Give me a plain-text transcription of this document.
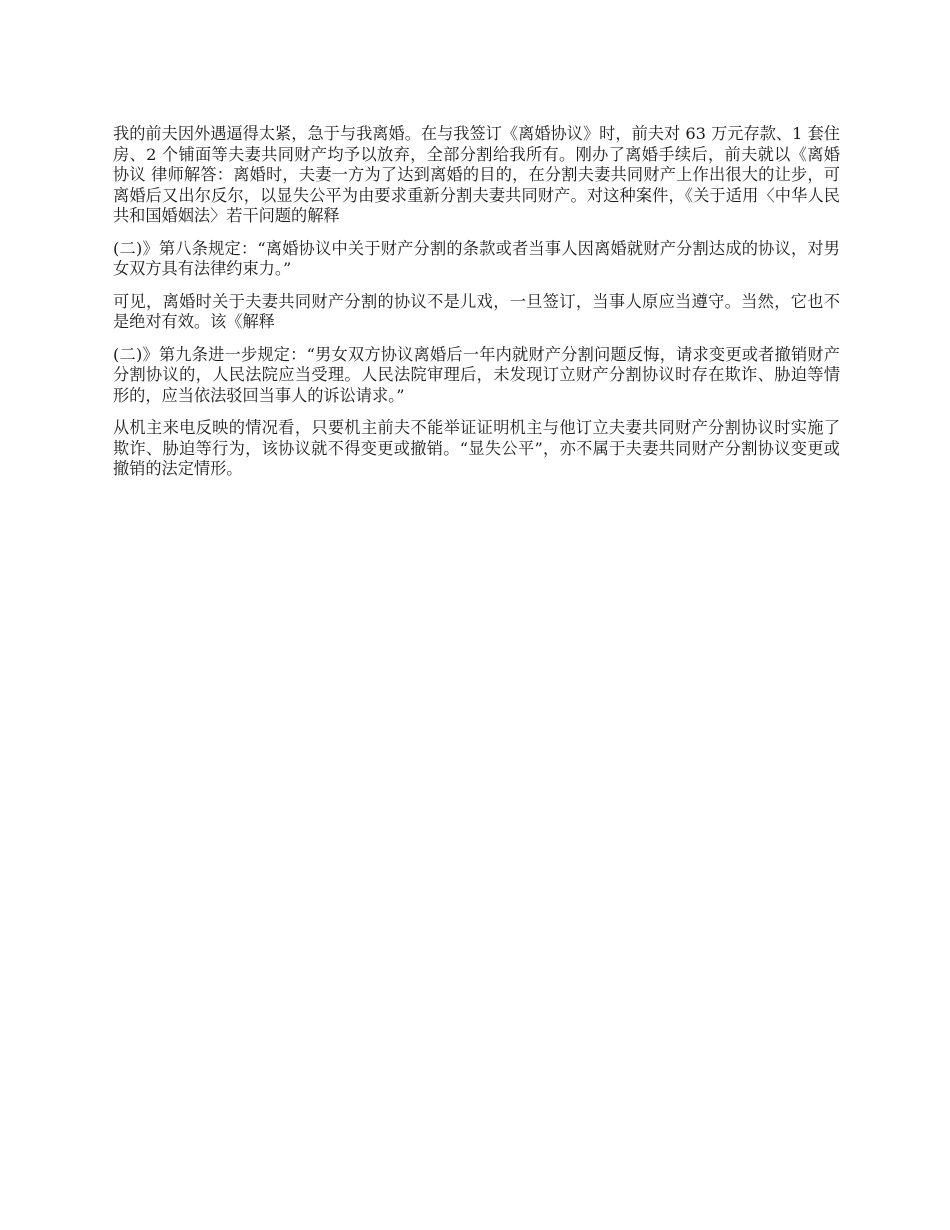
我的前夫因外遇逼得太紧，急于与我离婚。在与我签订《离婚协议》时，前夫对 63 万元存款、1 套住房、2 个铺面等夫妻共同财产均予以放弃，全部分割给我所有。刚办了离婚手续后，前夫就以《离婚协议 律师解答：离婚时，夫妻一方为了达到离婚的目的，在分割夫妻共同财产上作出很大的让步，可离婚后又出尔反尔，以显失公平为由要求重新分割夫妻共同财产。对这种案件，《关于适用〈中华人民共和国婚姻法〉若干问题的解释

(二)》第八条规定：“离婚协议中关于财产分割的条款或者当事人因离婚就财产分割达成的协议，对男女双方具有法律约束力。”

可见，离婚时关于夫妻共同财产分割的协议不是儿戏，一旦签订，当事人原应当遵守。当然，它也不是绝对有效。该《解释

(二)》第九条进一步规定：“男女双方协议离婚后一年内就财产分割问题反悔，请求变更或者撤销财产分割协议的，人民法院应当受理。人民法院审理后，未发现订立财产分割协议时存在欺诈、胁迫等情形的，应当依法驳回当事人的诉讼请求。”

从机主来电反映的情况看，只要机主前夫不能举证证明机主与他订立夫妻共同财产分割协议时实施了欺诈、胁迫等行为，该协议就不得变更或撤销。“显失公平”，亦不属于夫妻共同财产分割协议变更或撤销的法定情形。
